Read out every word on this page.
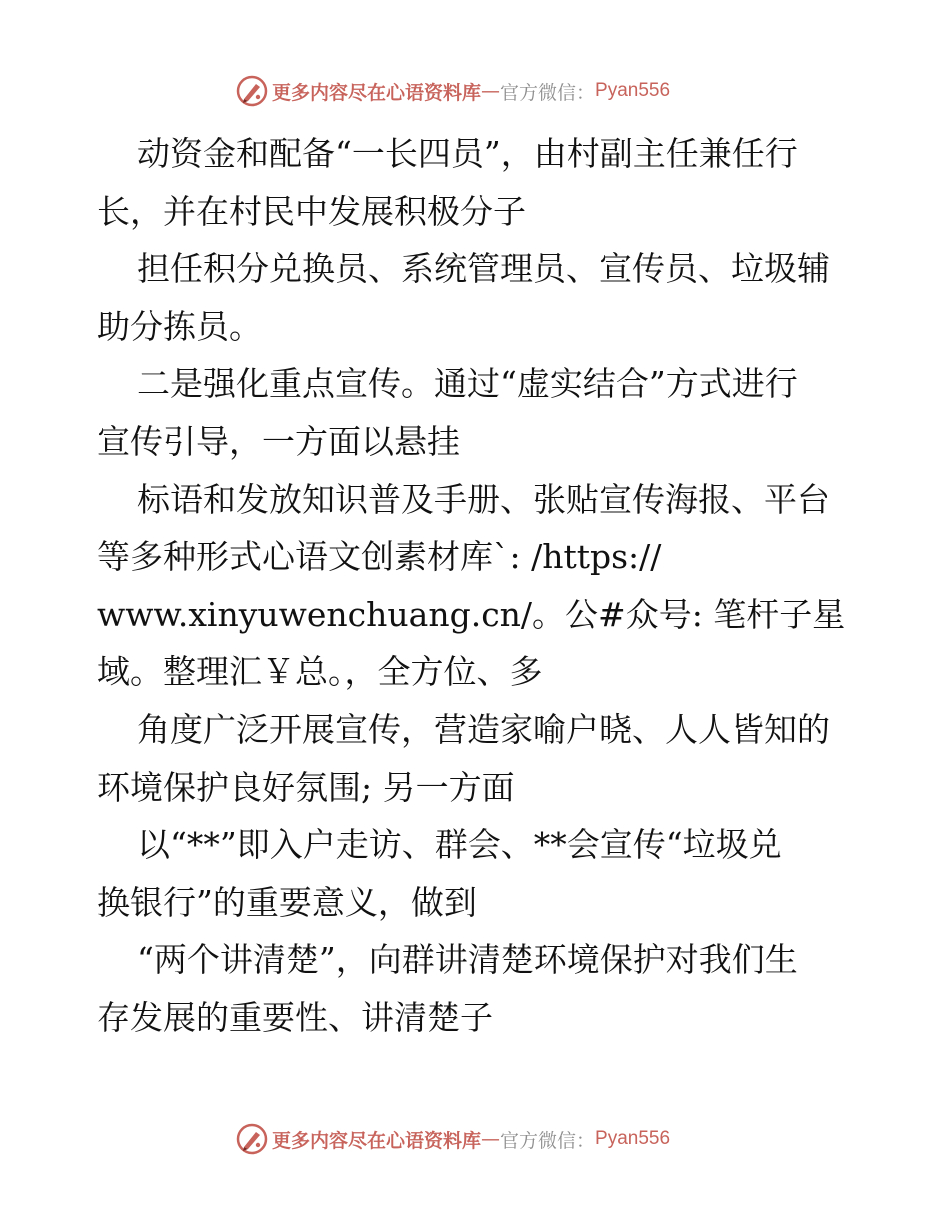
更多内容尽在心语资料库 — 官方微信： Pyan556
动资金和配备“一长四员”，由村副主任兼任行
长，并在村民中发展积极分子
担任积分兑换员、系统管理员、宣传员、垃圾辅
助分拣员。
二是强化重点宣传。通过“虚实结合”方式进行
宣传引导，一方面以悬挂
标语和发放知识普及手册、张贴宣传海报、平台
等多种形式心语文创素材库`: /https://
www.xinyuwenchuang.cn/。公#众号: 笔杆子星
域。整理汇￥总。，全方位、多
角度广泛开展宣传，营造家喻户晓、人人皆知的
环境保护良好氛围; 另一方面
以“**”即入户走访、群会、**会宣传“垃圾兑
换银行”的重要意义，做到
“两个讲清楚”，向群讲清楚环境保护对我们生
存发展的重要性、讲清楚子
更多内容尽在心语资料库 — 官方微信： Pyan556
